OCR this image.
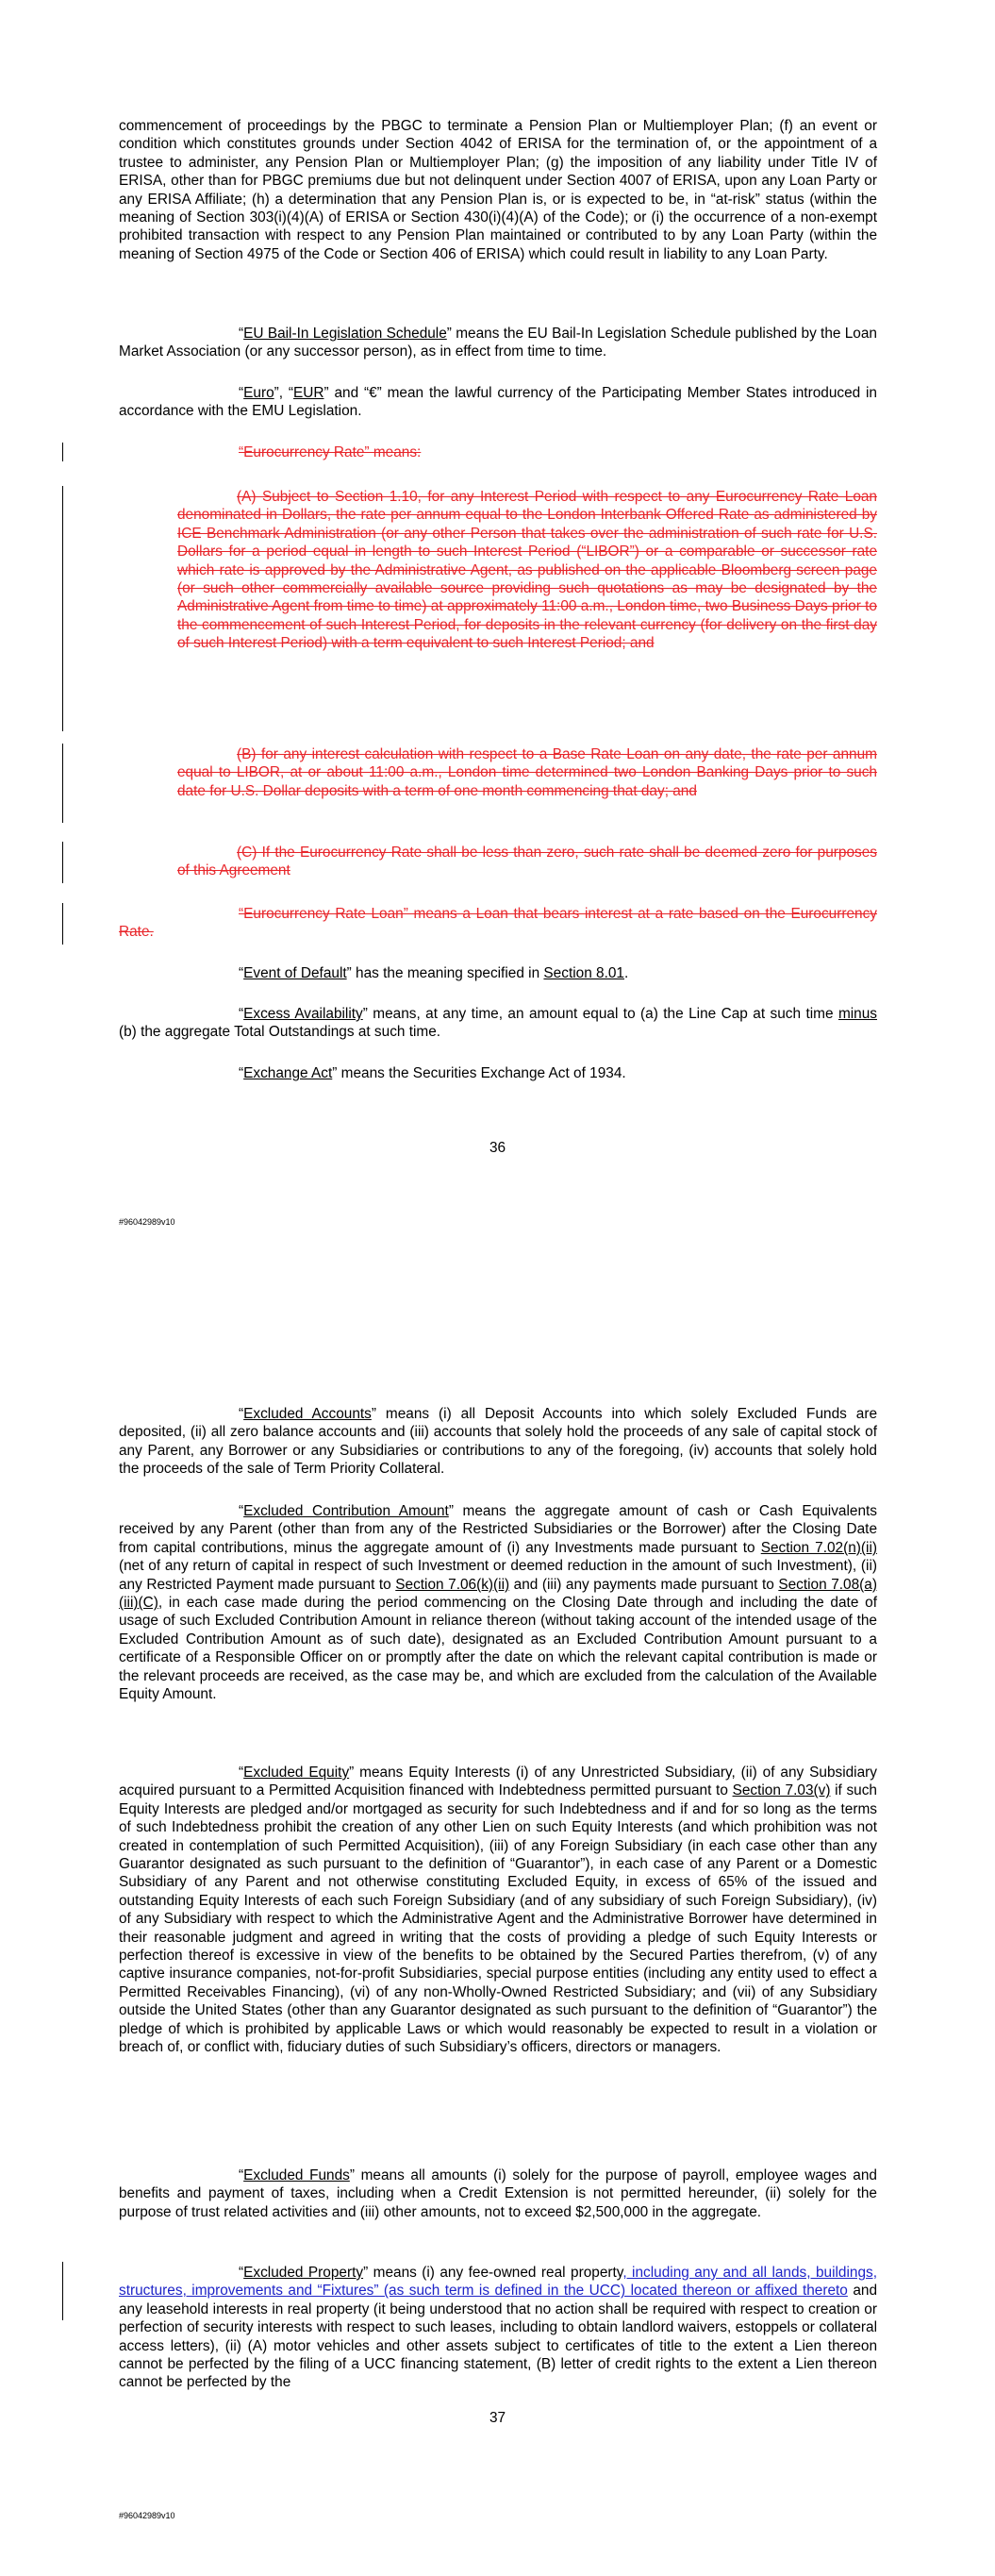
commencement of proceedings by the PBGC to terminate a Pension Plan or Multiemployer Plan; (f) an event or condition which constitutes grounds under Section 4042 of ERISA for the termination of, or the appointment of a trustee to administer, any Pension Plan or Multiemployer Plan; (g) the imposition of any liability under Title IV of ERISA, other than for PBGC premiums due but not delinquent under Section 4007 of ERISA, upon any Loan Party or any ERISA Affiliate; (h) a determination that any Pension Plan is, or is expected to be, in “at-risk” status (within the meaning of Section 303(i)(4)(A) of ERISA or Section 430(i)(4)(A) of the Code); or (i) the occurrence of a non-exempt prohibited transaction with respect to any Pension Plan maintained or contributed to by any Loan Party (within the meaning of Section 4975 of the Code or Section 406 of ERISA) which could result in liability to any Loan Party.

“EU Bail-In Legislation Schedule” means the EU Bail-In Legislation Schedule published by the Loan Market Association (or any successor person), as in effect from time to time.

“Euro”, “EUR” and “€” mean the lawful currency of the Participating Member States introduced in accordance with the EMU Legislation.

“Eurocurrency Rate” means:

(A) Subject to Section 1.10, for any Interest Period with respect to any Eurocurrency Rate Loan denominated in Dollars, the rate per annum equal to the London Interbank Offered Rate as administered by ICE Benchmark Administration (or any other Person that takes over the administration of such rate for U.S. Dollars for a period equal in length to such Interest Period (“LIBOR”) or a comparable or successor rate which rate is approved by the Administrative Agent, as published on the applicable Bloomberg screen page (or such other commercially available source providing such quotations as may be designated by the Administrative Agent from time to time) at approximately 11:00 a.m., London time, two Business Days prior to the commencement of such Interest Period, for deposits in the relevant currency (for delivery on the first day of such Interest Period) with a term equivalent to such Interest Period; and

(B) for any interest calculation with respect to a Base Rate Loan on any date, the rate per annum equal to LIBOR, at or about 11:00 a.m., London time determined two London Banking Days prior to such date for U.S. Dollar deposits with a term of one month commencing that day; and

(C) If the Eurocurrency Rate shall be less than zero, such rate shall be deemed zero for purposes of this Agreement

“Eurocurrency Rate Loan” means a Loan that bears interest at a rate based on the Eurocurrency Rate.

“Event of Default” has the meaning specified in Section 8.01.

“Excess Availability” means, at any time, an amount equal to (a) the Line Cap at such time minus (b) the aggregate Total Outstandings at such time.

“Exchange Act” means the Securities Exchange Act of 1934.

36
#96042989v10

“Excluded Accounts” means (i) all Deposit Accounts into which solely Excluded Funds are deposited, (ii) all zero balance accounts and (iii) accounts that solely hold the proceeds of any sale of capital stock of any Parent, any Borrower or any Subsidiaries or contributions to any of the foregoing, (iv) accounts that solely hold the proceeds of the sale of Term Priority Collateral.

“Excluded Contribution Amount” means the aggregate amount of cash or Cash Equivalents received by any Parent (other than from any of the Restricted Subsidiaries or the Borrower) after the Closing Date from capital contributions, minus the aggregate amount of (i) any Investments made pursuant to Section 7.02(n)(ii) (net of any return of capital in respect of such Investment or deemed reduction in the amount of such Investment), (ii) any Restricted Payment made pursuant to Section 7.06(k)(ii) and (iii) any payments made pursuant to Section 7.08(a)(iii)(C), in each case made during the period commencing on the Closing Date through and including the date of usage of such Excluded Contribution Amount in reliance thereon (without taking account of the intended usage of the Excluded Contribution Amount as of such date), designated as an Excluded Contribution Amount pursuant to a certificate of a Responsible Officer on or promptly after the date on which the relevant capital contribution is made or the relevant proceeds are received, as the case may be, and which are excluded from the calculation of the Available Equity Amount.

“Excluded Equity” means Equity Interests (i) of any Unrestricted Subsidiary, (ii) of any Subsidiary acquired pursuant to a Permitted Acquisition financed with Indebtedness permitted pursuant to Section 7.03(v) if such Equity Interests are pledged and/or mortgaged as security for such Indebtedness and if and for so long as the terms of such Indebtedness prohibit the creation of any other Lien on such Equity Interests (and which prohibition was not created in contemplation of such Permitted Acquisition), (iii) of any Foreign Subsidiary (in each case other than any Guarantor designated as such pursuant to the definition of “Guarantor”), in each case of any Parent or a Domestic Subsidiary of any Parent and not otherwise constituting Excluded Equity, in excess of 65% of the issued and outstanding Equity Interests of each such Foreign Subsidiary (and of any subsidiary of such Foreign Subsidiary), (iv) of any Subsidiary with respect to which the Administrative Agent and the Administrative Borrower have determined in their reasonable judgment and agreed in writing that the costs of providing a pledge of such Equity Interests or perfection thereof is excessive in view of the benefits to be obtained by the Secured Parties therefrom, (v) of any captive insurance companies, not-for-profit Subsidiaries, special purpose entities (including any entity used to effect a Permitted Receivables Financing), (vi) of any non-Wholly-Owned Restricted Subsidiary; and (vii) of any Subsidiary outside the United States (other than any Guarantor designated as such pursuant to the definition of “Guarantor”) the pledge of which is prohibited by applicable Laws or which would reasonably be expected to result in a violation or breach of, or conflict with, fiduciary duties of such Subsidiary’s officers, directors or managers.

“Excluded Funds” means all amounts (i) solely for the purpose of payroll, employee wages and benefits and payment of taxes, including when a Credit Extension is not permitted hereunder, (ii) solely for the purpose of trust related activities and (iii) other amounts, not to exceed $2,500,000 in the aggregate.

“Excluded Property” means (i) any fee-owned real property, including any and all lands, buildings, structures, improvements and “Fixtures” (as such term is defined in the UCC) located thereon or affixed thereto and any leasehold interests in real property (it being understood that no action shall be required with respect to creation or perfection of security interests with respect to such leases, including to obtain landlord waivers, estoppels or collateral access letters), (ii) (A) motor vehicles and other assets subject to certificates of title to the extent a Lien thereon cannot be perfected by the filing of a UCC financing statement, (B) letter of credit rights to the extent a Lien thereon cannot be perfected by the

37
#96042989v10
